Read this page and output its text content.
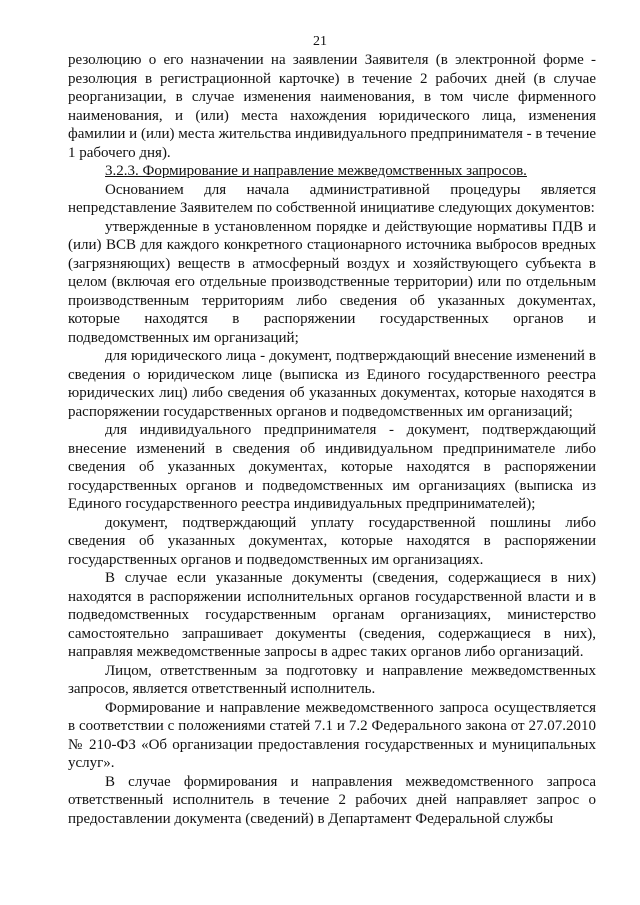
21

резолюцию о его назначении на заявлении Заявителя (в электронной форме - резолюция в регистрационной карточке) в течение 2 рабочих дней (в случае реорганизации, в случае изменения наименования, в том числе фирменного наименования, и (или) места нахождения юридического лица, изменения фамилии и (или) места жительства индивидуального предпринимателя - в течение 1 рабочего дня).

3.2.3. Формирование и направление межведомственных запросов.

Основанием для начала административной процедуры является непредставление Заявителем по собственной инициативе следующих документов:

утвержденные в установленном порядке и действующие нормативы ПДВ и (или) ВСВ для каждого конкретного стационарного источника выбросов вредных (загрязняющих) веществ в атмосферный воздух и хозяйствующего субъекта в целом (включая его отдельные производственные территории) или по отдельным производственным территориям либо сведения об указанных документах, которые находятся в распоряжении государственных органов и подведомственных им организаций;

для юридического лица - документ, подтверждающий внесение изменений в сведения о юридическом лице (выписка из Единого государственного реестра юридических лиц) либо сведения об указанных документах, которые находятся в распоряжении государственных органов и подведомственных им организаций;

для индивидуального предпринимателя - документ, подтверждающий внесение изменений в сведения об индивидуальном предпринимателе либо сведения об указанных документах, которые находятся в распоряжении государственных органов и подведомственных им организациях (выписка из Единого государственного реестра индивидуальных предпринимателей);

документ, подтверждающий уплату государственной пошлины либо сведения об указанных документах, которые находятся в распоряжении государственных органов и подведомственных им организациях.

В случае если указанные документы (сведения, содержащиеся в них) находятся в распоряжении исполнительных органов государственной власти и в подведомственных государственным органам организациях, министерство самостоятельно запрашивает документы (сведения, содержащиеся в них), направляя межведомственные запросы в адрес таких органов либо организаций.

Лицом, ответственным за подготовку и направление межведомственных запросов, является ответственный исполнитель.

Формирование и направление межведомственного запроса осуществляется в соответствии с положениями статей 7.1 и 7.2 Федерального закона от 27.07.2010 № 210-ФЗ «Об организации предоставления государственных и муниципальных услуг».

В случае формирования и направления межведомственного запроса ответственный исполнитель в течение 2 рабочих дней направляет запрос о предоставлении документа (сведений) в Департамент Федеральной службы
